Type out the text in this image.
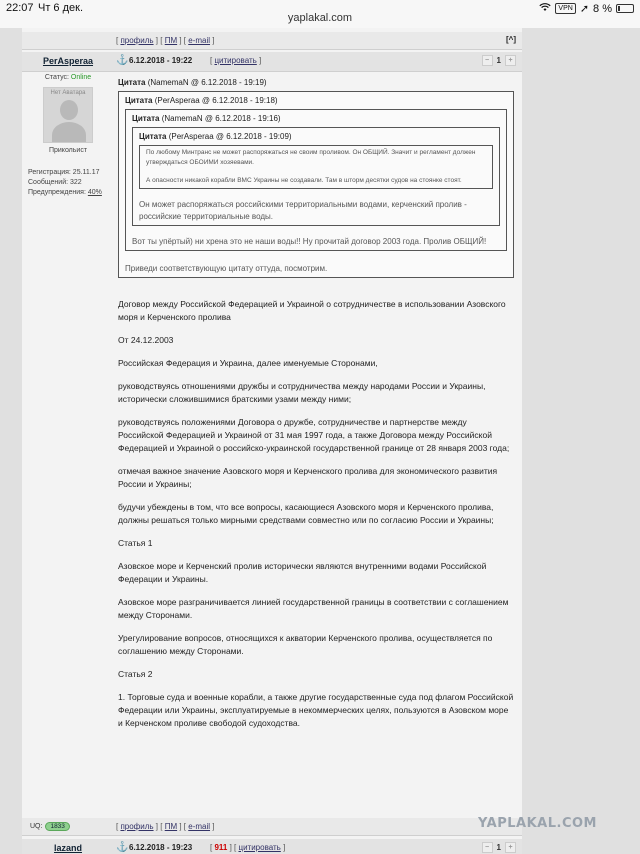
22:07 Чт 6 дек.
yaplakal.com
VPN ➚ 8 %
[ профиль ] [ ПМ ] [ e-mail ]	[^]
PerAsperaa	⚓ 6.12.2018 - 19:22 [ цитировать ]	− 1	+
Статус: Online
Нет Аватара
Прикольист
Регистрация: 25.11.17
Сообщений: 322
Предупреждения: 40%
Цитата (NamemaN @ 6.12.2018 - 19:19)
Цитата (PerAsperaa @ 6.12.2018 - 19:18)
Цитата (NamemaN @ 6.12.2018 - 19:16)
Цитата (PerAsperaa @ 6.12.2018 - 19:09)
По любому Минтранс не может распоряжаться не своим проливом. Он ОБЩИЙ. Значит и регламент должен утверждаться ОБОИМИ хозяевами.
А опасности никакой корабли ВМС Украины не создавали. Там в шторм десятки судов на стоянке стоят.
Он может распоряжаться российскими территориальными водами, керченский пролив - российские территориальные воды.
Вот ты упёртый) ни хрена это не наши воды!! Ну прочитай договор 2003 года. Пролив ОБЩИЙ!
Приведи соответствующую цитату оттуда, посмотрим.

Договор между Российской Федерацией и Украиной о сотрудничестве в использовании Азовского моря и Керченского пролива

От 24.12.2003

Российская Федерация и Украина, далее именуемые Сторонами,

руководствуясь отношениями дружбы и сотрудничества между народами России и Украины, исторически сложившимися братскими узами между ними;

руководствуясь положениями Договора о дружбе, сотрудничестве и партнерстве между Российской Федерацией и Украиной от 31 мая 1997 года, а также Договора между Российской Федерацией и Украиной о российско-украинской государственной границе от 28 января 2003 года;

отмечая важное значение Азовского моря и Керченского пролива для экономического развития России и Украины;

будучи убеждены в том, что все вопросы, касающиеся Азовского моря и Керченского пролива, должны решаться только мирными средствами совместно или по согласию России и Украины;

Статья 1

Азовское море и Керченский пролив исторически являются внутренними водами Российской Федерации и Украины.

Азовское море разграничивается линией государственной границы в соответствии с соглашением между Сторонами.

Урегулирование вопросов, относящихся к акватории Керченского пролива, осуществляется по соглашению между Сторонами.

Статья 2

1. Торговые суда и военные корабли, а также другие государственные суда под флагом Российской Федерации или Украины, эксплуатируемые в некоммерческих целях, пользуются в Азовском море и Керченском проливе свободой судоходства.

UQ:	1833	[ профиль ] [ ПМ ] [ e-mail ]
lazand	⚓ 6.12.2018 - 19:23 [ 911 ] [ цитировать ]	− 1	+
YAPLAKAL.COM
